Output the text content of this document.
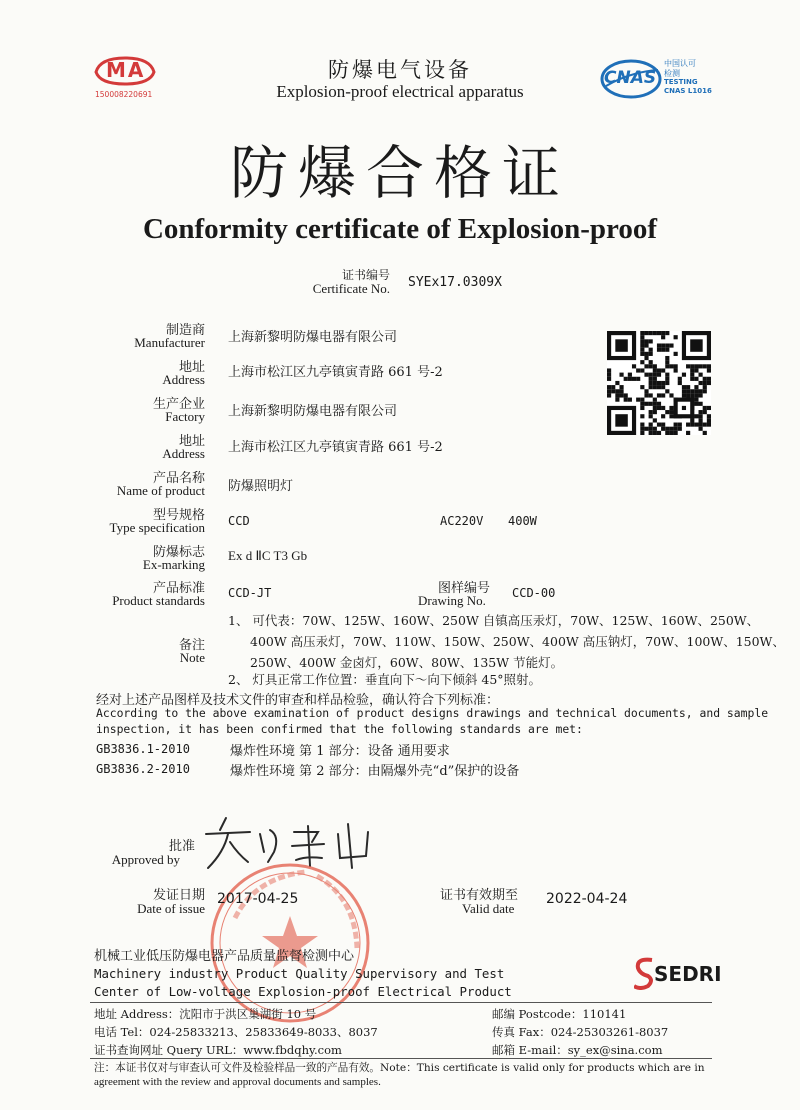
MA
150008220691
CNAS
中国认可
检测
TESTING
CNAS L1016
防爆电气设备
Explosion-proof electrical apparatus
防爆合格证
Conformity certificate of Explosion-proof
证书编号
Certificate No. SYEx17.0309X
制造商
Manufacturer 上海新黎明防爆电器有限公司
地址
Address 上海市松江区九亭镇寅青路 661 号-2
生产企业
Factory 上海新黎明防爆电器有限公司
地址
Address 上海市松江区九亭镇寅青路 661 号-2
产品名称
Name of product 防爆照明灯
型号规格
Type specification CCD	AC220V 400W
防爆标志
Ex-marking
Ex d ⅡC T3 Gb
产品标准
Product standards CCD-JT	图样编号
Drawing No. CCD-00
备注
Note
1、 可代表：70W、125W、160W、250W 自镇高压汞灯，70W、125W、160W、250W、
400W 高压汞灯，70W、110W、150W、250W、400W 高压钠灯，70W、100W、150W、
250W、400W 金卤灯，60W、80W、135W 节能灯。
2、 灯具正常工作位置：垂直向下～向下倾斜 45°照射。
经对上述产品图样及技术文件的审查和样品检验，确认符合下列标准：
According to the above examination of product designs drawings and technical documents, and sample
inspection, it has been confirmed that the following standards are met:
GB3836.1-2010	爆炸性环境 第 1 部分：设备 通用要求
GB3836.2-2010	爆炸性环境 第 2 部分：由隔爆外壳“d”保护的设备
批准
Approved by
发证日期
Date of issue
2017-04-25	证书有效期至
Valid date
2022-04-24
机械工业低压防爆电器产品质量监督检测中心
Machinery industry Product Quality Supervisory and Test
Center of Low-voltage Explosion-proof Electrical Product
SEDRI
地址 Address：沈阳市于洪区巢湖街 10 号	邮编 Postcode：110141
电话 Tel：024-25833213、25833649-8033、8037	传真 Fax：024-25303261-8037
证书查询网址 Query URL：www.fbdqhy.com	邮箱 E-mail：sy_ex@sina.com
注：本证书仅对与审查认可文件及检验样品一致的产品有效。Note：This certificate is valid only for products which are in
agreement with the review and approval documents and samples.
